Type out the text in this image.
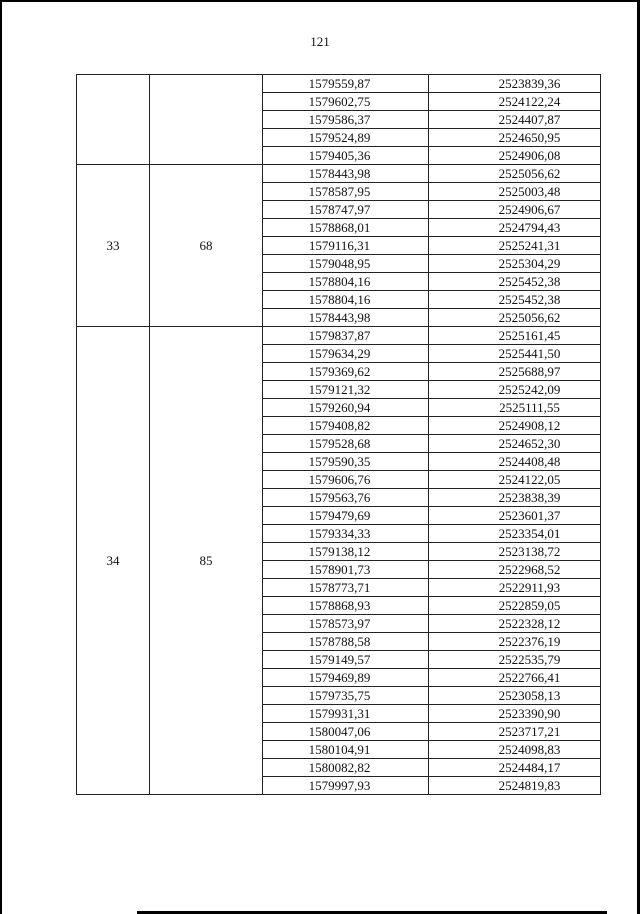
121
		1579559,87	2523839,36
		1579602,75	2524122,24
		1579586,37	2524407,87
		1579524,89	2524650,95
		1579405,36	2524906,08
33	68	1578443,98	2525056,62
		1578587,95	2525003,48
		1578747,97	2524906,67
		1578868,01	2524794,43
		1579116,31	2525241,31
		1579048,95	2525304,29
		1578804,16	2525452,38
		1578804,16	2525452,38
		1578443,98	2525056,62
34	85	1579837,87	2525161,45
		1579634,29	2525441,50
		1579369,62	2525688,97
		1579121,32	2525242,09
		1579260,94	2525111,55
		1579408,82	2524908,12
		1579528,68	2524652,30
		1579590,35	2524408,48
		1579606,76	2524122,05
		1579563,76	2523838,39
		1579479,69	2523601,37
		1579334,33	2523354,01
		1579138,12	2523138,72
		1578901,73	2522968,52
		1578773,71	2522911,93
		1578868,93	2522859,05
		1578573,97	2522328,12
		1578788,58	2522376,19
		1579149,57	2522535,79
		1579469,89	2522766,41
		1579735,75	2523058,13
		1579931,31	2523390,90
		1580047,06	2523717,21
		1580104,91	2524098,83
		1580082,82	2524484,17
		1579997,93	2524819,83
